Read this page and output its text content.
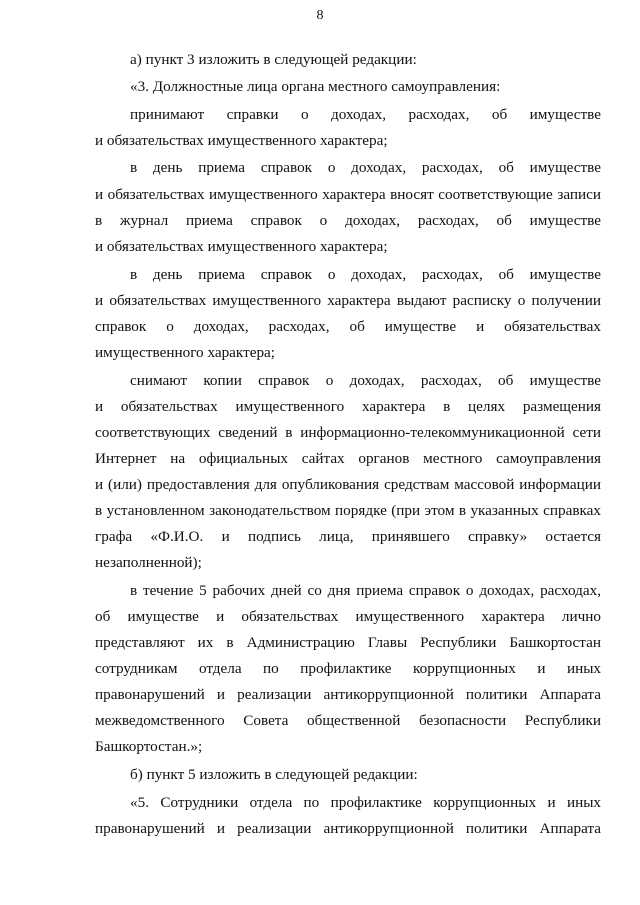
8
а) пункт 3 изложить в следующей редакции:
«3. Должностные лица органа местного самоуправления:
принимают справки о доходах, расходах, об имуществе
и обязательствах имущественного характера;
в день приема справок о доходах, расходах, об имуществе
и обязательствах имущественного характера вносят соответствующие записи
в журнал приема справок о доходах, расходах, об имуществе
и обязательствах имущественного характера;
в день приема справок о доходах, расходах, об имуществе
и обязательствах имущественного характера выдают расписку о получении
справок о доходах, расходах, об имуществе и обязательствах
имущественного характера;
снимают копии справок о доходах, расходах, об имуществе
и обязательствах имущественного характера в целях размещения
соответствующих сведений в информационно-телекоммуникационной сети
Интернет на официальных сайтах органов местного самоуправления
и (или) предоставления для опубликования средствам массовой информации
в установленном законодательством порядке (при этом в указанных справках
графа «Ф.И.О. и подпись лица, принявшего справку» остается
незаполненной);
в течение 5 рабочих дней со дня приема справок о доходах, расходах,
об имуществе и обязательствах имущественного характера лично
представляют их в Администрацию Главы Республики Башкортостан
сотрудникам отдела по профилактике коррупционных и иных
правонарушений и реализации антикоррупционной политики Аппарата
межведомственного Совета общественной безопасности Республики
Башкортостан.»;
б) пункт 5 изложить в следующей редакции:
«5. Сотрудники отдела по профилактике коррупционных и иных
правонарушений и реализации антикоррупционной политики Аппарата
